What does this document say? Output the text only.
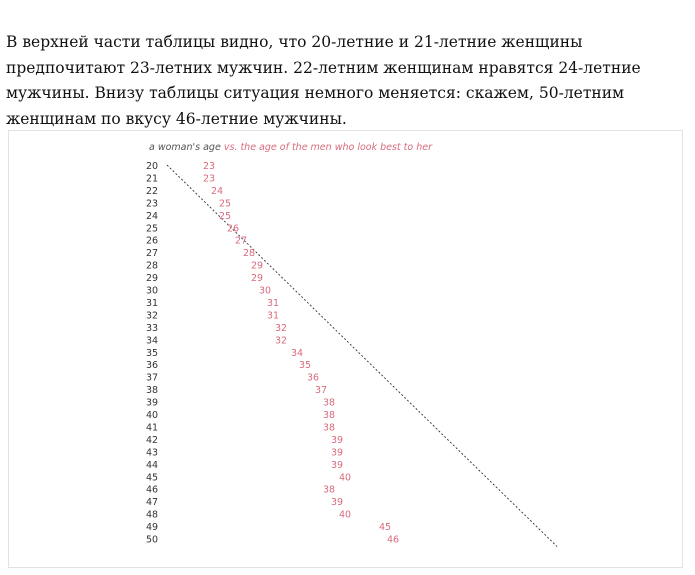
В верхней части таблицы видно, что 20-летние и 21-летние женщины предпочитают 23-летних мужчин. 22-летним женщинам нравятся 24-летние мужчины. Внизу таблицы ситуация немного меняется: скажем, 50-летним женщинам по вкусу 46-летние мужчины.

a woman's age vs. the age of the men who look best to her

20	23
21	23
22	24
23	25
24	25
25	26
26	27
27	28
28	29
29	29
30	30
31	31
32	31
33	32
34	32
35	34
36	35
37	36
38	37
39	38
40	38
41	38
42	39
43	39
44	39
45	40
46	38
47	39
48	40
49	45
50	46
